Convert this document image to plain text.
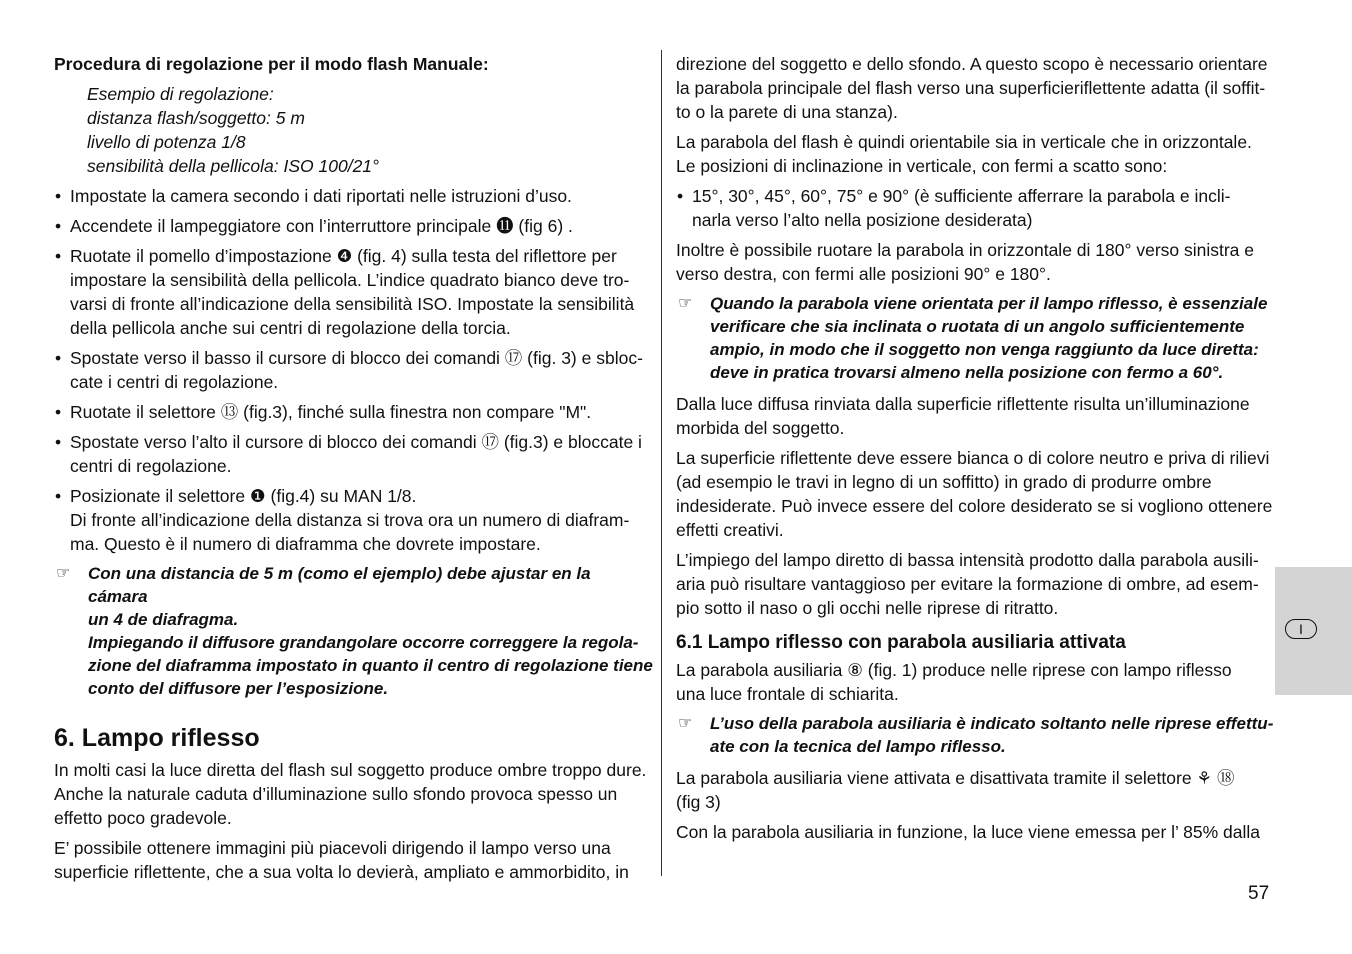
Procedura di regolazione per il modo flash Manuale:

Esempio di regolazione:
distanza flash/soggetto: 5 m
livello di potenza 1/8
sensibilità della pellicola: ISO 100/21°
• Impostate la camera secondo i dati riportati nelle istruzioni d’uso.
• Accendete il lampeggiatore con l’interruttore principale ⓫ (fig 6) .
• Ruotate il pomello d’impostazione ❹ (fig. 4) sulla testa del riflettore per
impostare la sensibilità della pellicola. L’indice quadrato bianco deve tro-
varsi di fronte all’indicazione della sensibilità ISO. Impostate la sensibilità
della pellicola anche sui centri di regolazione della torcia.
• Spostate verso il basso il cursore di blocco dei comandi ⑰ (fig. 3) e sbloc-
cate i centri di regolazione.
• Ruotate il selettore ⑬ (fig.3), finché sulla finestra non compare "M".
• Spostate verso l’alto il cursore di blocco dei comandi ⑰ (fig.3) e bloccate i
centri di regolazione.
• Posizionate il selettore ❶ (fig.4) su MAN 1/8.
Di fronte all’indicazione della distanza si trova ora un numero di diafram-
ma. Questo è il numero di diaframma che dovrete impostare.
☞ Con una distancia de 5 m (como el ejemplo) debe ajustar en la cámara
un 4 de diafragma.
Impiegando il diffusore grandangolare occorre correggere la regola-
zione del diaframma impostato in quanto il centro di regolazione tiene
conto del diffusore per l’esposizione.
6. Lampo riflesso

In molti casi la luce diretta del flash sul soggetto produce ombre troppo dure.
Anche la naturale caduta d’illuminazione sullo sfondo provoca spesso un
effetto poco gradevole.

E’ possibile ottenere immagini più piacevoli dirigendo il lampo verso una
superficie riflettente, che a sua volta lo devierà, ampliato e ammorbidito, in

direzione del soggetto e dello sfondo. A questo scopo è necessario orientare
la parabola principale del flash verso una superficieriflettente adatta (il soffit-
to o la parete di una stanza).

La parabola del flash è quindi orientabile sia in verticale che in orizzontale.
Le posizioni di inclinazione in verticale, con fermi a scatto sono:

• 15°, 30°, 45°, 60°, 75° e 90° (è sufficiente afferrare la parabola e incli-
narla verso l’alto nella posizione desiderata)

Inoltre è possibile ruotare la parabola in orizzontale di 180° verso sinistra e
verso destra, con fermi alle posizioni 90° e 180°.

☞ Quando la parabola viene orientata per il lampo riflesso, è essenziale
verificare che sia inclinata o ruotata di un angolo sufficientemente
ampio, in modo che il soggetto non venga raggiunto da luce diretta:
deve in pratica trovarsi almeno nella posizione con fermo a 60°.

Dalla luce diffusa rinviata dalla superficie riflettente risulta un’illuminazione
morbida del soggetto.

La superficie riflettente deve essere bianca o di colore neutro e priva di rilievi
(ad esempio le travi in legno di un soffitto) in grado di produrre ombre
indesiderate. Può invece essere del colore desiderato se si vogliono ottenere
effetti creativi.

L’impiego del lampo diretto di bassa intensità prodotto dalla parabola ausili-
aria può risultare vantaggioso per evitare la formazione di ombre, ad esem-
pio sotto il naso o gli occhi nelle riprese di ritratto.

6.1 Lampo riflesso con parabola ausiliaria attivata

La parabola ausiliaria ⑧ (fig. 1) produce nelle riprese con lampo riflesso
una luce frontale di schiarita.

☞ L’uso della parabola ausiliaria è indicato soltanto nelle riprese effettu-
ate con la tecnica del lampo riflesso.

La parabola ausiliaria viene attivata e disattivata tramite il selettore ⚘ ⑱
(fig 3)

Con la parabola ausiliaria in funzione, la luce viene emessa per l’ 85% dalla

I
57
